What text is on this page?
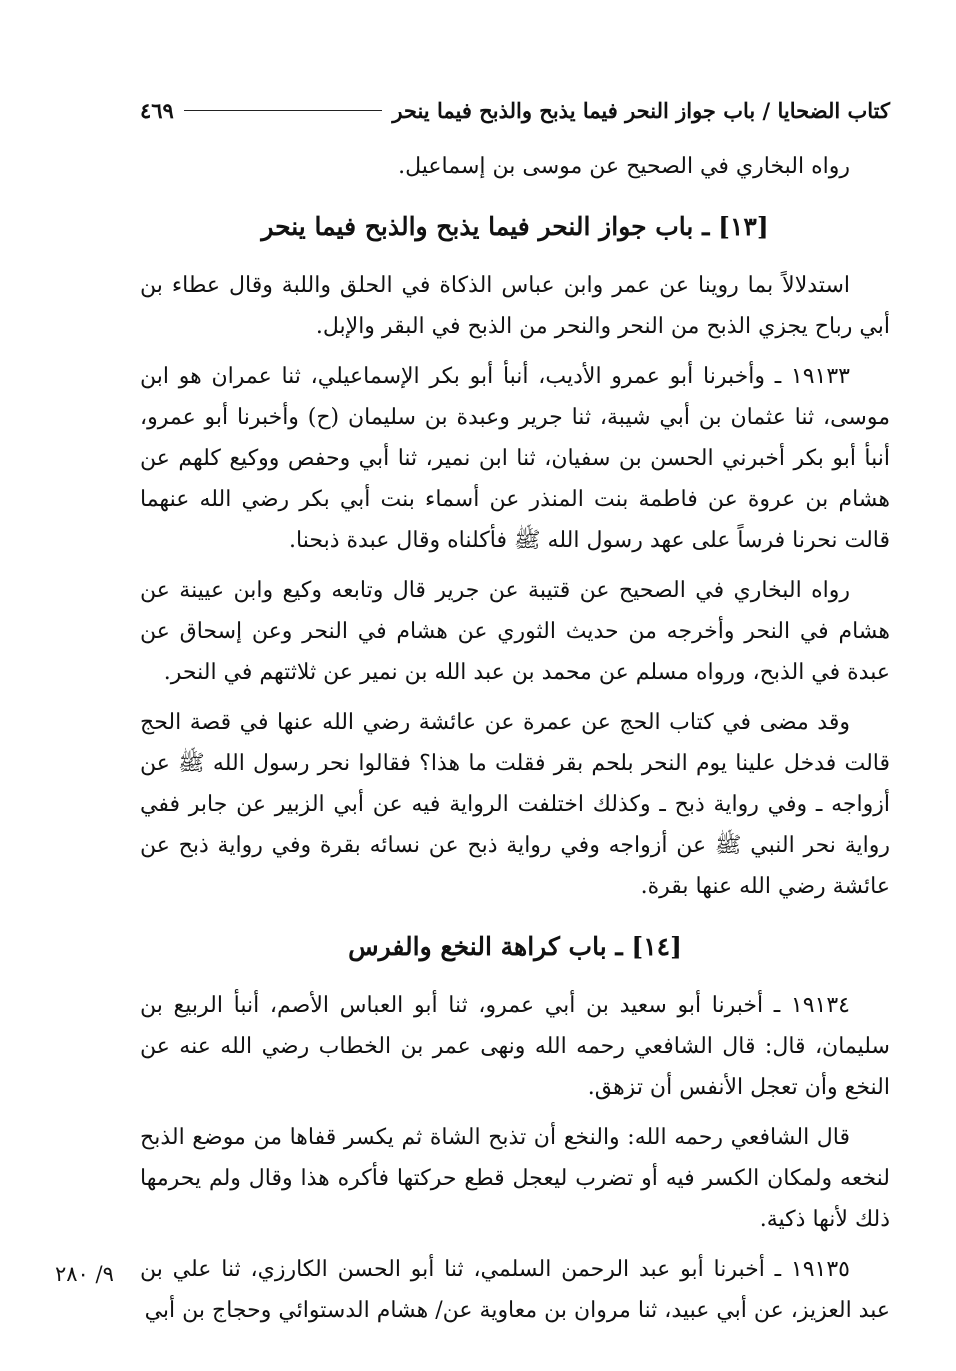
كتاب الضحايا / باب جواز النحر فيما يذبح والذبح فيما ينحر
٤٦٩

رواه البخاري في الصحيح عن موسى بن إسماعيل.

[١٣] ـ باب جواز النحر فيما يذبح والذبح فيما ينحر

استدلالاً بما روينا عن عمر وابن عباس الذكاة في الحلق واللبة وقال عطاء بن أبي رباح يجزي الذبح من النحر والنحر من الذبح في البقر والإبل.

١٩١٣٣ ـ وأخبرنا أبو عمرو الأديب، أنبأ أبو بكر الإسماعيلي، ثنا عمران هو ابن موسى، ثنا عثمان بن أبي شيبة، ثنا جرير وعبدة بن سليمان (ح) وأخبرنا أبو عمرو، أنبأ أبو بكر أخبرني الحسن بن سفيان، ثنا ابن نمير، ثنا أبي وحفص ووكيع كلهم عن هشام بن عروة عن فاطمة بنت المنذر عن أسماء بنت أبي بكر رضي الله عنهما قالت نحرنا فرساً على عهد رسول الله ﷺ فأكلناه وقال عبدة ذبحنا.

رواه البخاري في الصحيح عن قتيبة عن جرير قال وتابعه وكيع وابن عيينة عن هشام في النحر وأخرجه من حديث الثوري عن هشام في النحر وعن إسحاق عن عبدة في الذبح، ورواه مسلم عن محمد بن عبد الله بن نمير عن ثلاثتهم في النحر.

وقد مضى في كتاب الحج عن عمرة عن عائشة رضي الله عنها في قصة الحج قالت فدخل علينا يوم النحر بلحم بقر فقلت ما هذا؟ فقالوا نحر رسول الله ﷺ عن أزواجه ـ وفي رواية ذبح ـ وكذلك اختلفت الرواية فيه عن أبي الزبير عن جابر ففي رواية نحر النبي ﷺ عن أزواجه وفي رواية ذبح عن نسائه بقرة وفي رواية ذبح عن عائشة رضي الله عنها بقرة.

[١٤] ـ باب كراهة النخع والفرس

١٩١٣٤ ـ أخبرنا أبو سعيد بن أبي عمرو، ثنا أبو العباس الأصم، أنبأ الربيع بن سليمان، قال: قال الشافعي رحمه الله ونهى عمر بن الخطاب رضي الله عنه عن النخع وأن تعجل الأنفس أن تزهق.

قال الشافعي رحمه الله: والنخع أن تذبح الشاة ثم يكسر قفاها من موضع الذبح لنخعه ولمكان الكسر فيه أو تضرب ليعجل قطع حركتها فأكره هذا وقال ولم يحرمها ذلك لأنها ذكية.

١٩١٣٥ ـ أخبرنا أبو عبد الرحمن السلمي، ثنا أبو الحسن الكارزي، ثنا علي بن عبد العزيز، عن أبي عبيد، ثنا مروان بن معاوية عن/ هشام الدستوائي وحجاج بن أبي

٩/ ٢٨٠
